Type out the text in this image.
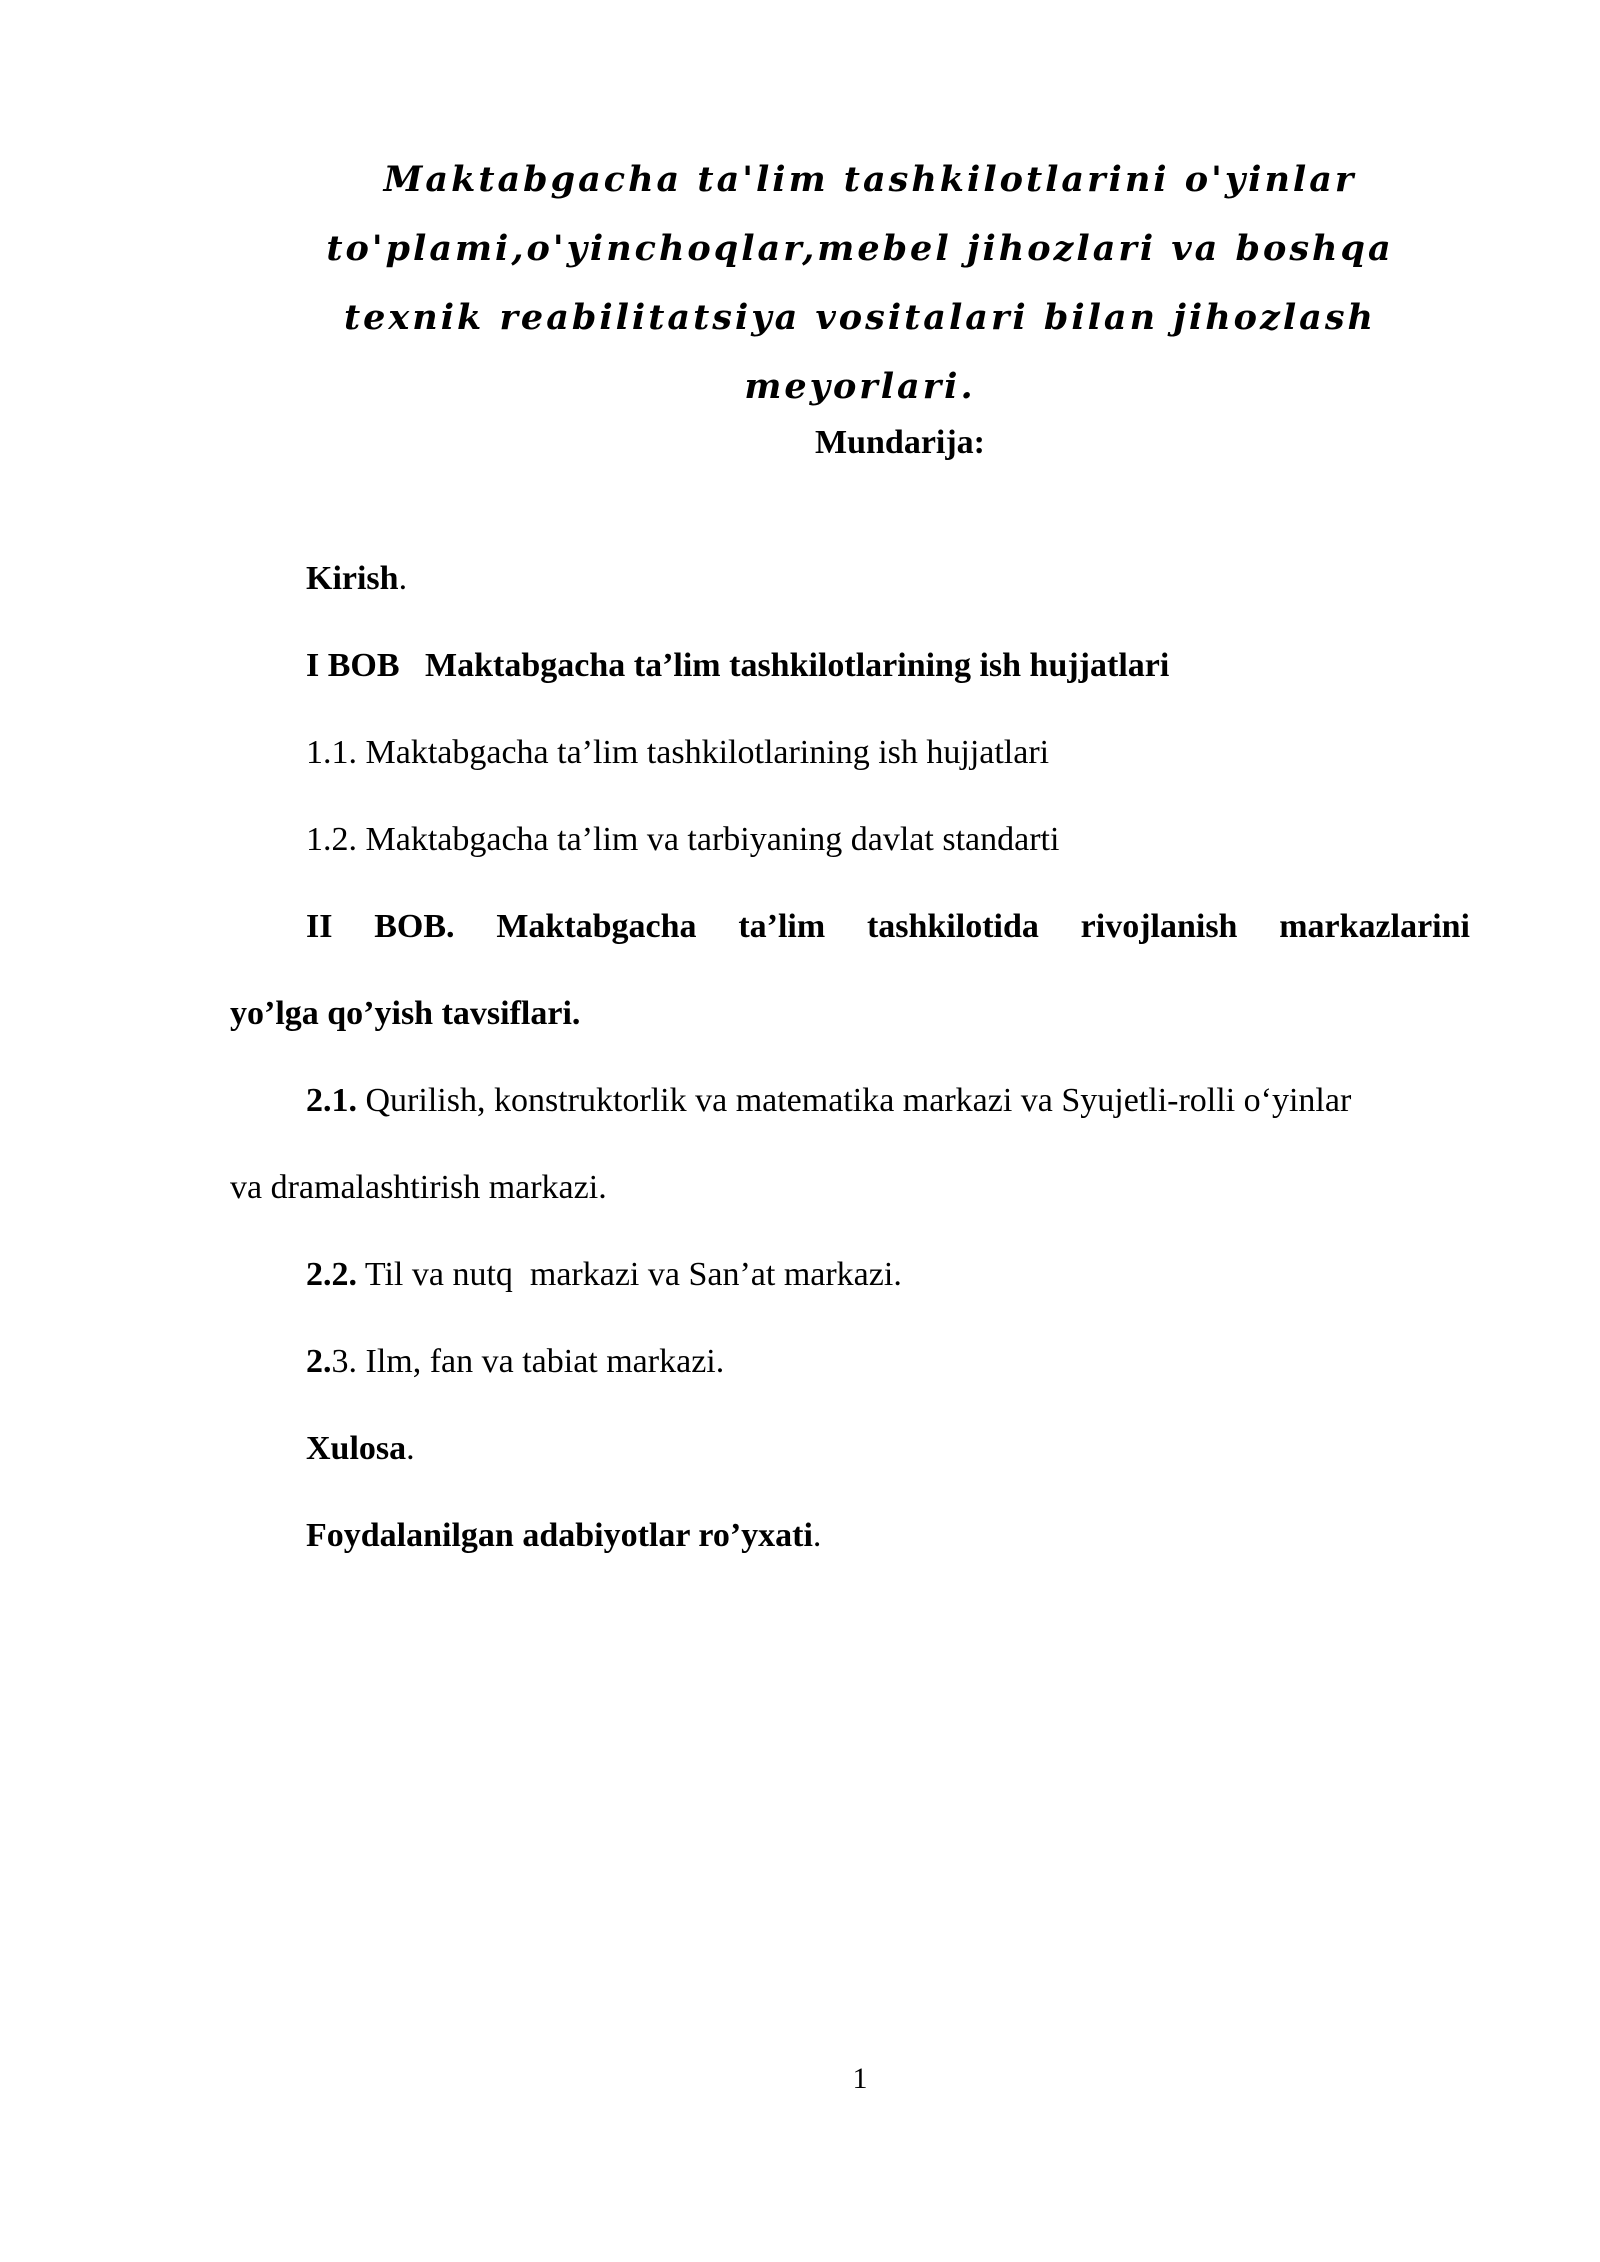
Maktabgacha ta'lim tashkilotlarini o'yinlar
to'plami,o'yinchoqlar,mebel jihozlari va boshqa
texnik reabilitatsiya vositalari bilan jihozlash
meyorlari.
Mundarija:
Kirish.
I BOB   Maktabgacha ta’lim tashkilotlarining ish hujjatlari
1.1. Maktabgacha ta’lim tashkilotlarining ish hujjatlari
1.2. Maktabgacha ta’lim va tarbiyaning davlat standarti
II BOB. Maktabgacha ta’lim tashkilotida rivojlanish markazlarini
yo’lga qo’yish tavsiflari.
2.1. Qurilish, konstruktorlik va matematika markazi va Syujetli-rolli o‘yinlar
va dramalashtirish markazi.
2.2. Til va nutq  markazi va San’at markazi.
2.3. Ilm, fan va tabiat markazi.
Xulosa.
Foydalanilgan adabiyotlar ro’yxati.
1
